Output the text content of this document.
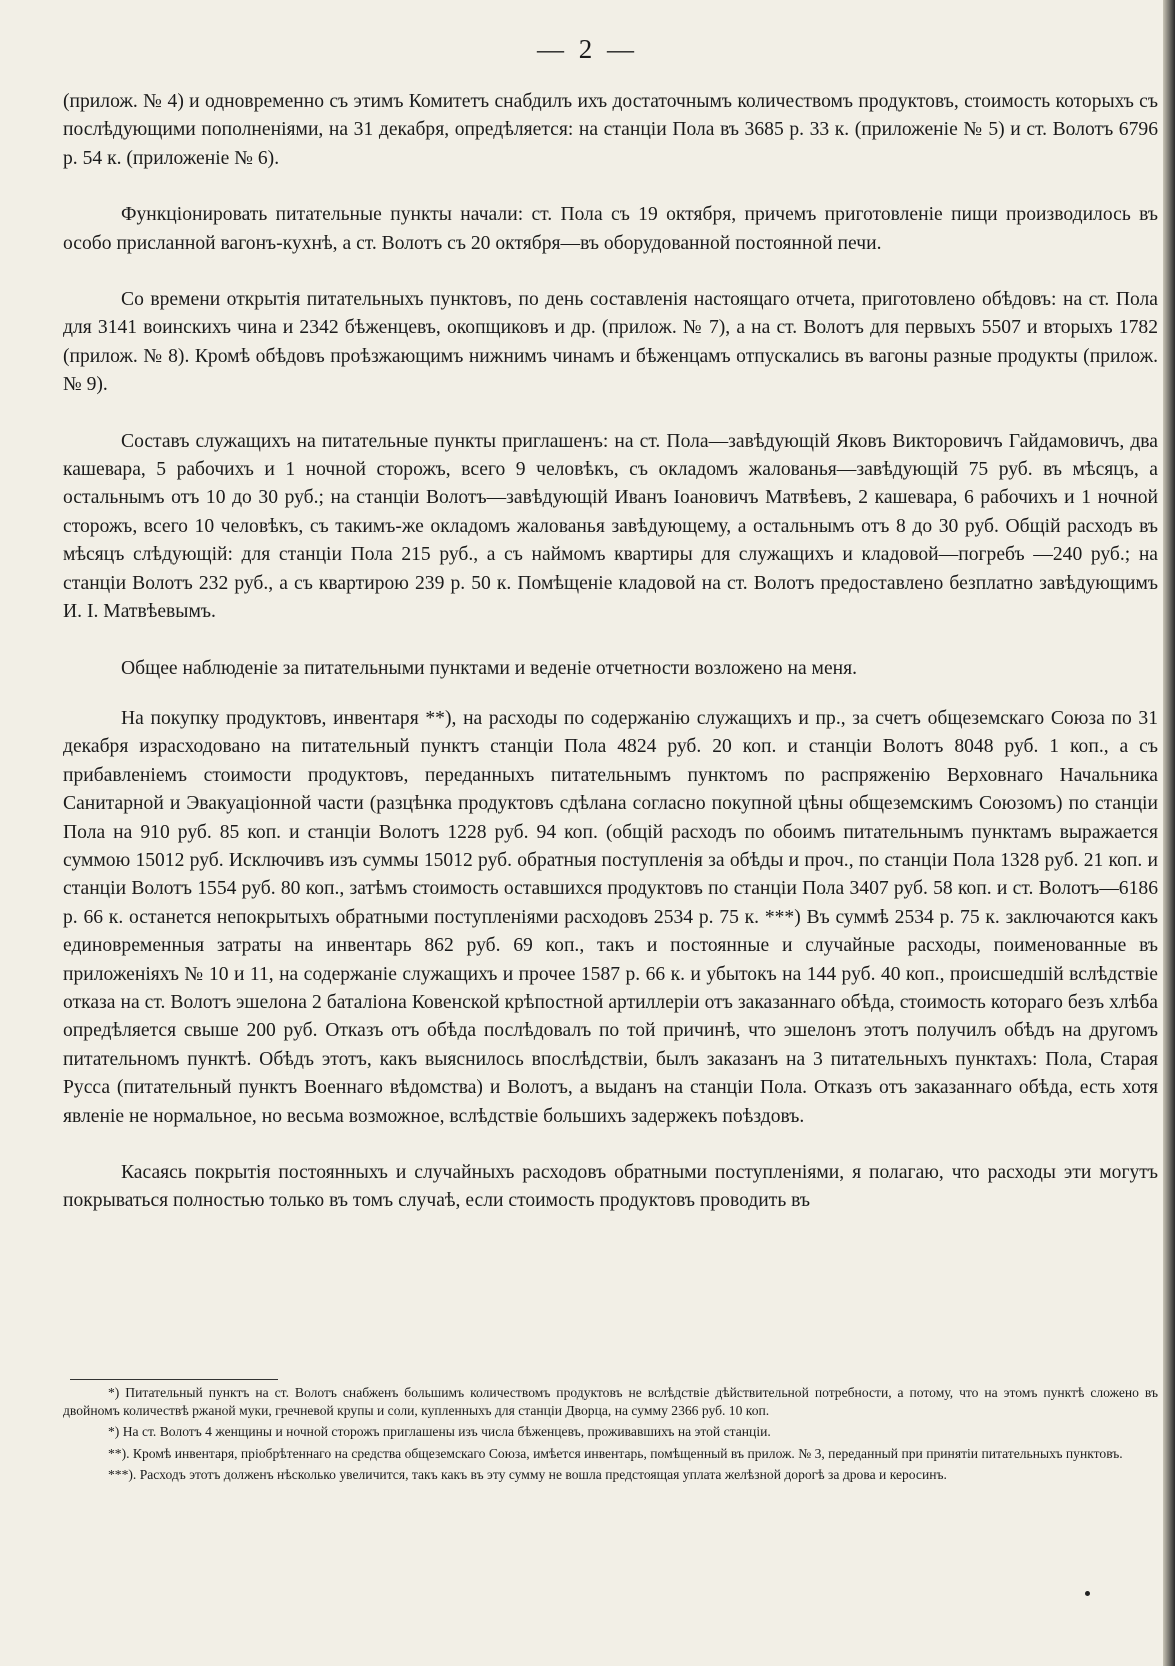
— 2 —

(прилож. № 4) и одновременно съ этимъ Комитетъ снабдилъ ихъ достаточнымъ количествомъ продуктовъ, стоимость которыхъ съ послѣдующими пополненіями, на 31 декабря, опредѣляется: на станціи Пола въ 3685 р. 33 к. (приложеніе № 5) и ст. Волотъ 6796 р. 54 к. (приложеніе № 6).

Функціонировать питательные пункты начали: ст. Пола съ 19 октября, причемъ приготовленіе пищи производилось въ особо присланной вагонъ-кухнѣ, а ст. Волотъ съ 20 октября—въ оборудованной постоянной печи.

Со времени открытія питательныхъ пунктовъ, по день составленія настоящаго отчета, приготовлено обѣдовъ: на ст. Пола для 3141 воинскихъ чина и 2342 бѣженцевъ, окопщиковъ и др. (прилож. № 7), а на ст. Волотъ для первыхъ 5507 и вторыхъ 1782 (прилож. № 8). Кромѣ обѣдовъ проѣзжающимъ нижнимъ чинамъ и бѣженцамъ отпускались въ вагоны разные продукты (прилож. № 9).

Составъ служащихъ на питательные пункты приглашенъ: на ст. Пола—завѣдующій Яковъ Викторовичъ Гайдамовичъ, два кашевара, 5 рабочихъ и 1 ночной сторожъ, всего 9 человѣкъ, съ окладомъ жалованья—завѣдующій 75 руб. въ мѣсяцъ, а остальнымъ отъ 10 до 30 руб.; на станціи Волотъ—завѣдующій Иванъ Іоановичъ Матвѣевъ, 2 кашевара, 6 рабочихъ и 1 ночной сторожъ, всего 10 человѣкъ, съ такимъ-же окладомъ жалованья завѣдующему, а остальнымъ отъ 8 до 30 руб. Общій расходъ въ мѣсяцъ слѣдующій: для станціи Пола 215 руб., а съ наймомъ квартиры для служащихъ и кладовой—погребъ —240 руб.; на станціи Волотъ 232 руб., а съ квартирою 239 р. 50 к. Помѣщеніе кладовой на ст. Волотъ предоставлено безплатно завѣдующимъ И. І. Матвѣевымъ.

Общее наблюденіе за питательными пунктами и веденіе отчетности возложено на меня.

На покупку продуктовъ, инвентаря **), на расходы по содержанію служащихъ и пр., за счетъ общеземскаго Союза по 31 декабря израсходовано на питательный пунктъ станціи Пола 4824 руб. 20 коп. и станціи Волотъ 8048 руб. 1 коп., а съ прибавленіемъ стоимости продуктовъ, переданныхъ питательнымъ пунктомъ по распряженію Верховнаго Начальника Санитарной и Эвакуаціонной части (разцѣнка продуктовъ сдѣлана согласно покупной цѣны общеземскимъ Союзомъ) по станціи Пола на 910 руб. 85 коп. и станціи Волотъ 1228 руб. 94 коп. (общій расходъ по обоимъ питательнымъ пунктамъ выражается суммою 15012 руб. Исключивъ изъ суммы 15012 руб. обратныя поступленія за обѣды и проч., по станціи Пола 1328 руб. 21 коп. и станціи Волотъ 1554 руб. 80 коп., затѣмъ стоимость оставшихся продуктовъ по станціи Пола 3407 руб. 58 коп. и ст. Волотъ—6186 р. 66 к. останется непокрытыхъ обратными поступленіями расходовъ 2534 р. 75 к. ***) Въ суммѣ 2534 р. 75 к. заключаются какъ единовременныя затраты на инвентарь 862 руб. 69 коп., такъ и постоянные и случайные расходы, поименованные въ приложеніяхъ № 10 и 11, на содержаніе служащихъ и прочее 1587 р. 66 к. и убытокъ на 144 руб. 40 коп., происшедшій вслѣдствіе отказа на ст. Волотъ эшелона 2 баталіона Ковенской крѣпостной артиллеріи отъ заказаннаго обѣда, стоимость котораго безъ хлѣба опредѣляется свыше 200 руб. Отказъ отъ обѣда послѣдовалъ по той причинѣ, что эшелонъ этотъ получилъ обѣдъ на другомъ питательномъ пунктѣ. Обѣдъ этотъ, какъ выяснилось впослѣдствіи, былъ заказанъ на 3 питательныхъ пунктахъ: Пола, Старая Русса (питательный пунктъ Военнаго вѣдомства) и Волотъ, а выданъ на станціи Пола. Отказъ отъ заказаннаго обѣда, есть хотя явленіе не нормальное, но весьма возможное, вслѣдствіе большихъ задержекъ поѣздовъ.

Касаясь покрытія постоянныхъ и случайныхъ расходовъ обратными поступленіями, я полагаю, что расходы эти могутъ покрываться полностью только въ томъ случаѣ, если стоимость продуктовъ проводить въ

*) Питательный пунктъ на ст. Волотъ снабженъ большимъ количествомъ продуктовъ не вслѣдствіе дѣйствительной потребности, а потому, что на этомъ пунктѣ сложено въ двойномъ количествѣ ржаной муки, гречневой крупы и соли, купленныхъ для станціи Дворца, на сумму 2366 руб. 10 коп.

*) На ст. Волотъ 4 женщины и ночной сторожъ приглашены изъ числа бѣженцевъ, проживавшихъ на этой станціи.

**). Кромѣ инвентаря, пріобрѣтеннаго на средства общеземскаго Союза, имѣется инвентарь, помѣщенный въ прилож. № 3, переданный при принятіи питательныхъ пунктовъ.

***). Расходъ этотъ долженъ нѣсколько увеличится, такъ какъ въ эту сумму не вошла предстоящая уплата желѣзной дорогѣ за дрова и керосинъ.
